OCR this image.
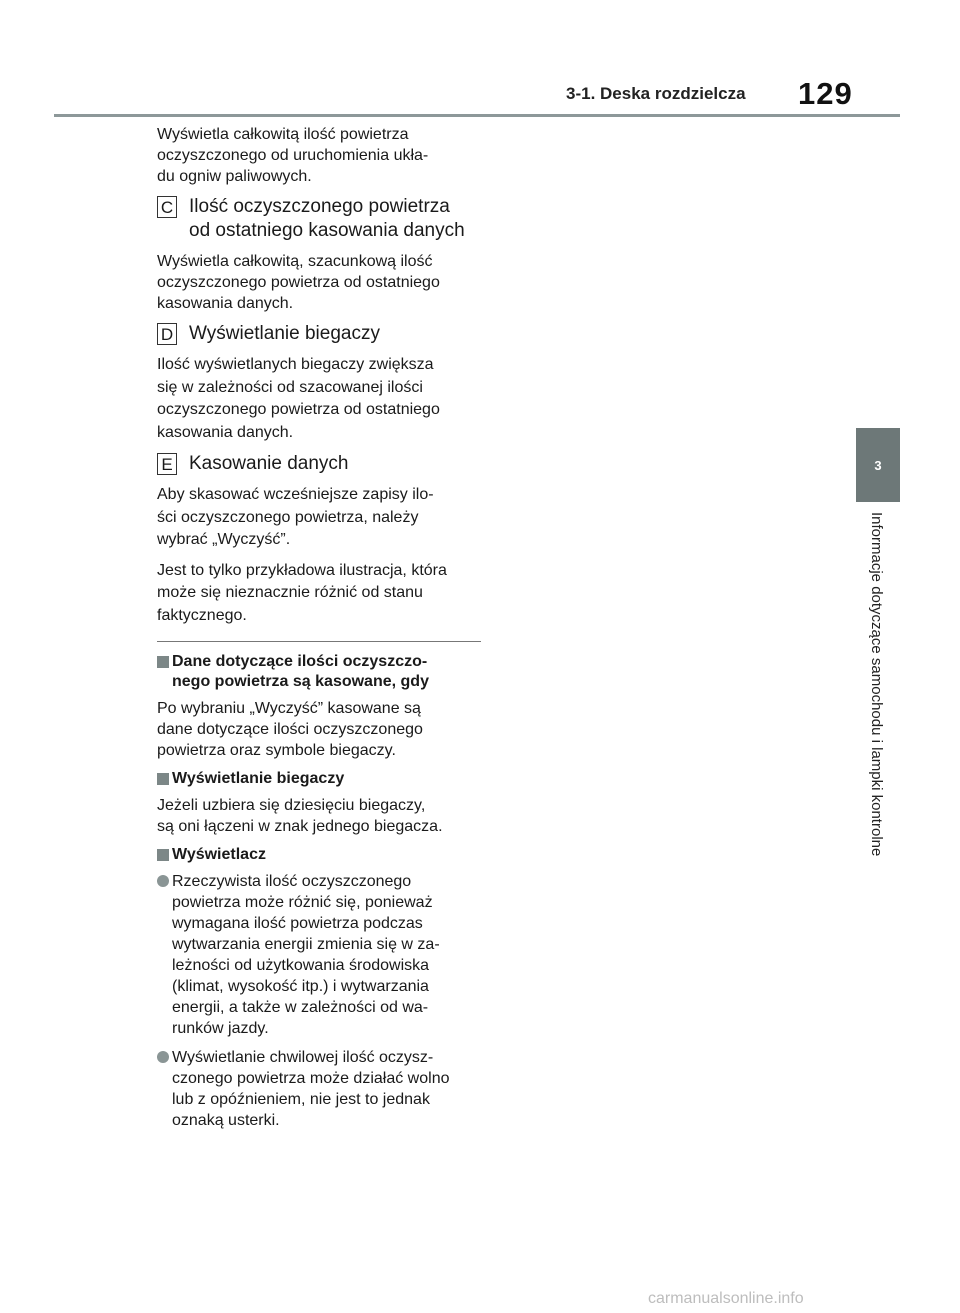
3-1. Deska rozdzielcza 129
3
Informacje dotyczące samochodu i lampki kontrolne

Wyświetla całkowitą ilość powietrza
oczyszczonego od uruchomienia ukła-
du ogniw paliwowych.

C Ilość oczyszczonego powietrza
od ostatniego kasowania danych

Wyświetla całkowitą, szacunkową ilość
oczyszczonego powietrza od ostatniego
kasowania danych.

D Wyświetlanie biegaczy

Ilość wyświetlanych biegaczy zwiększa
się w zależności od szacowanej ilości
oczyszczonego powietrza od ostatniego
kasowania danych.

E Kasowanie danych

Aby skasować wcześniejsze zapisy ilo-
ści oczyszczonego powietrza, należy
wybrać „Wyczyść”.

Jest to tylko przykładowa ilustracja, która
może się nieznacznie różnić od stanu
faktycznego.

Dane dotyczące ilości oczyszczo-
nego powietrza są kasowane, gdy

Po wybraniu „Wyczyść” kasowane są
dane dotyczące ilości oczyszczonego
powietrza oraz symbole biegaczy.

Wyświetlanie biegaczy

Jeżeli uzbiera się dziesięciu biegaczy,
są oni łączeni w znak jednego biegacza.

Wyświetlacz
Rzeczywista ilość oczyszczonego
powietrza może różnić się, ponieważ
wymagana ilość powietrza podczas
wytwarzania energii zmienia się w za-
leżności od użytkowania środowiska
(klimat, wysokość itp.) i wytwarzania
energii, a także w zależności od wa-
runków jazdy.
Wyświetlanie chwilowej ilość oczysz-
czonego powietrza może działać wolno
lub z opóźnieniem, nie jest to jednak
oznaką usterki.
carmanualsonline.info
